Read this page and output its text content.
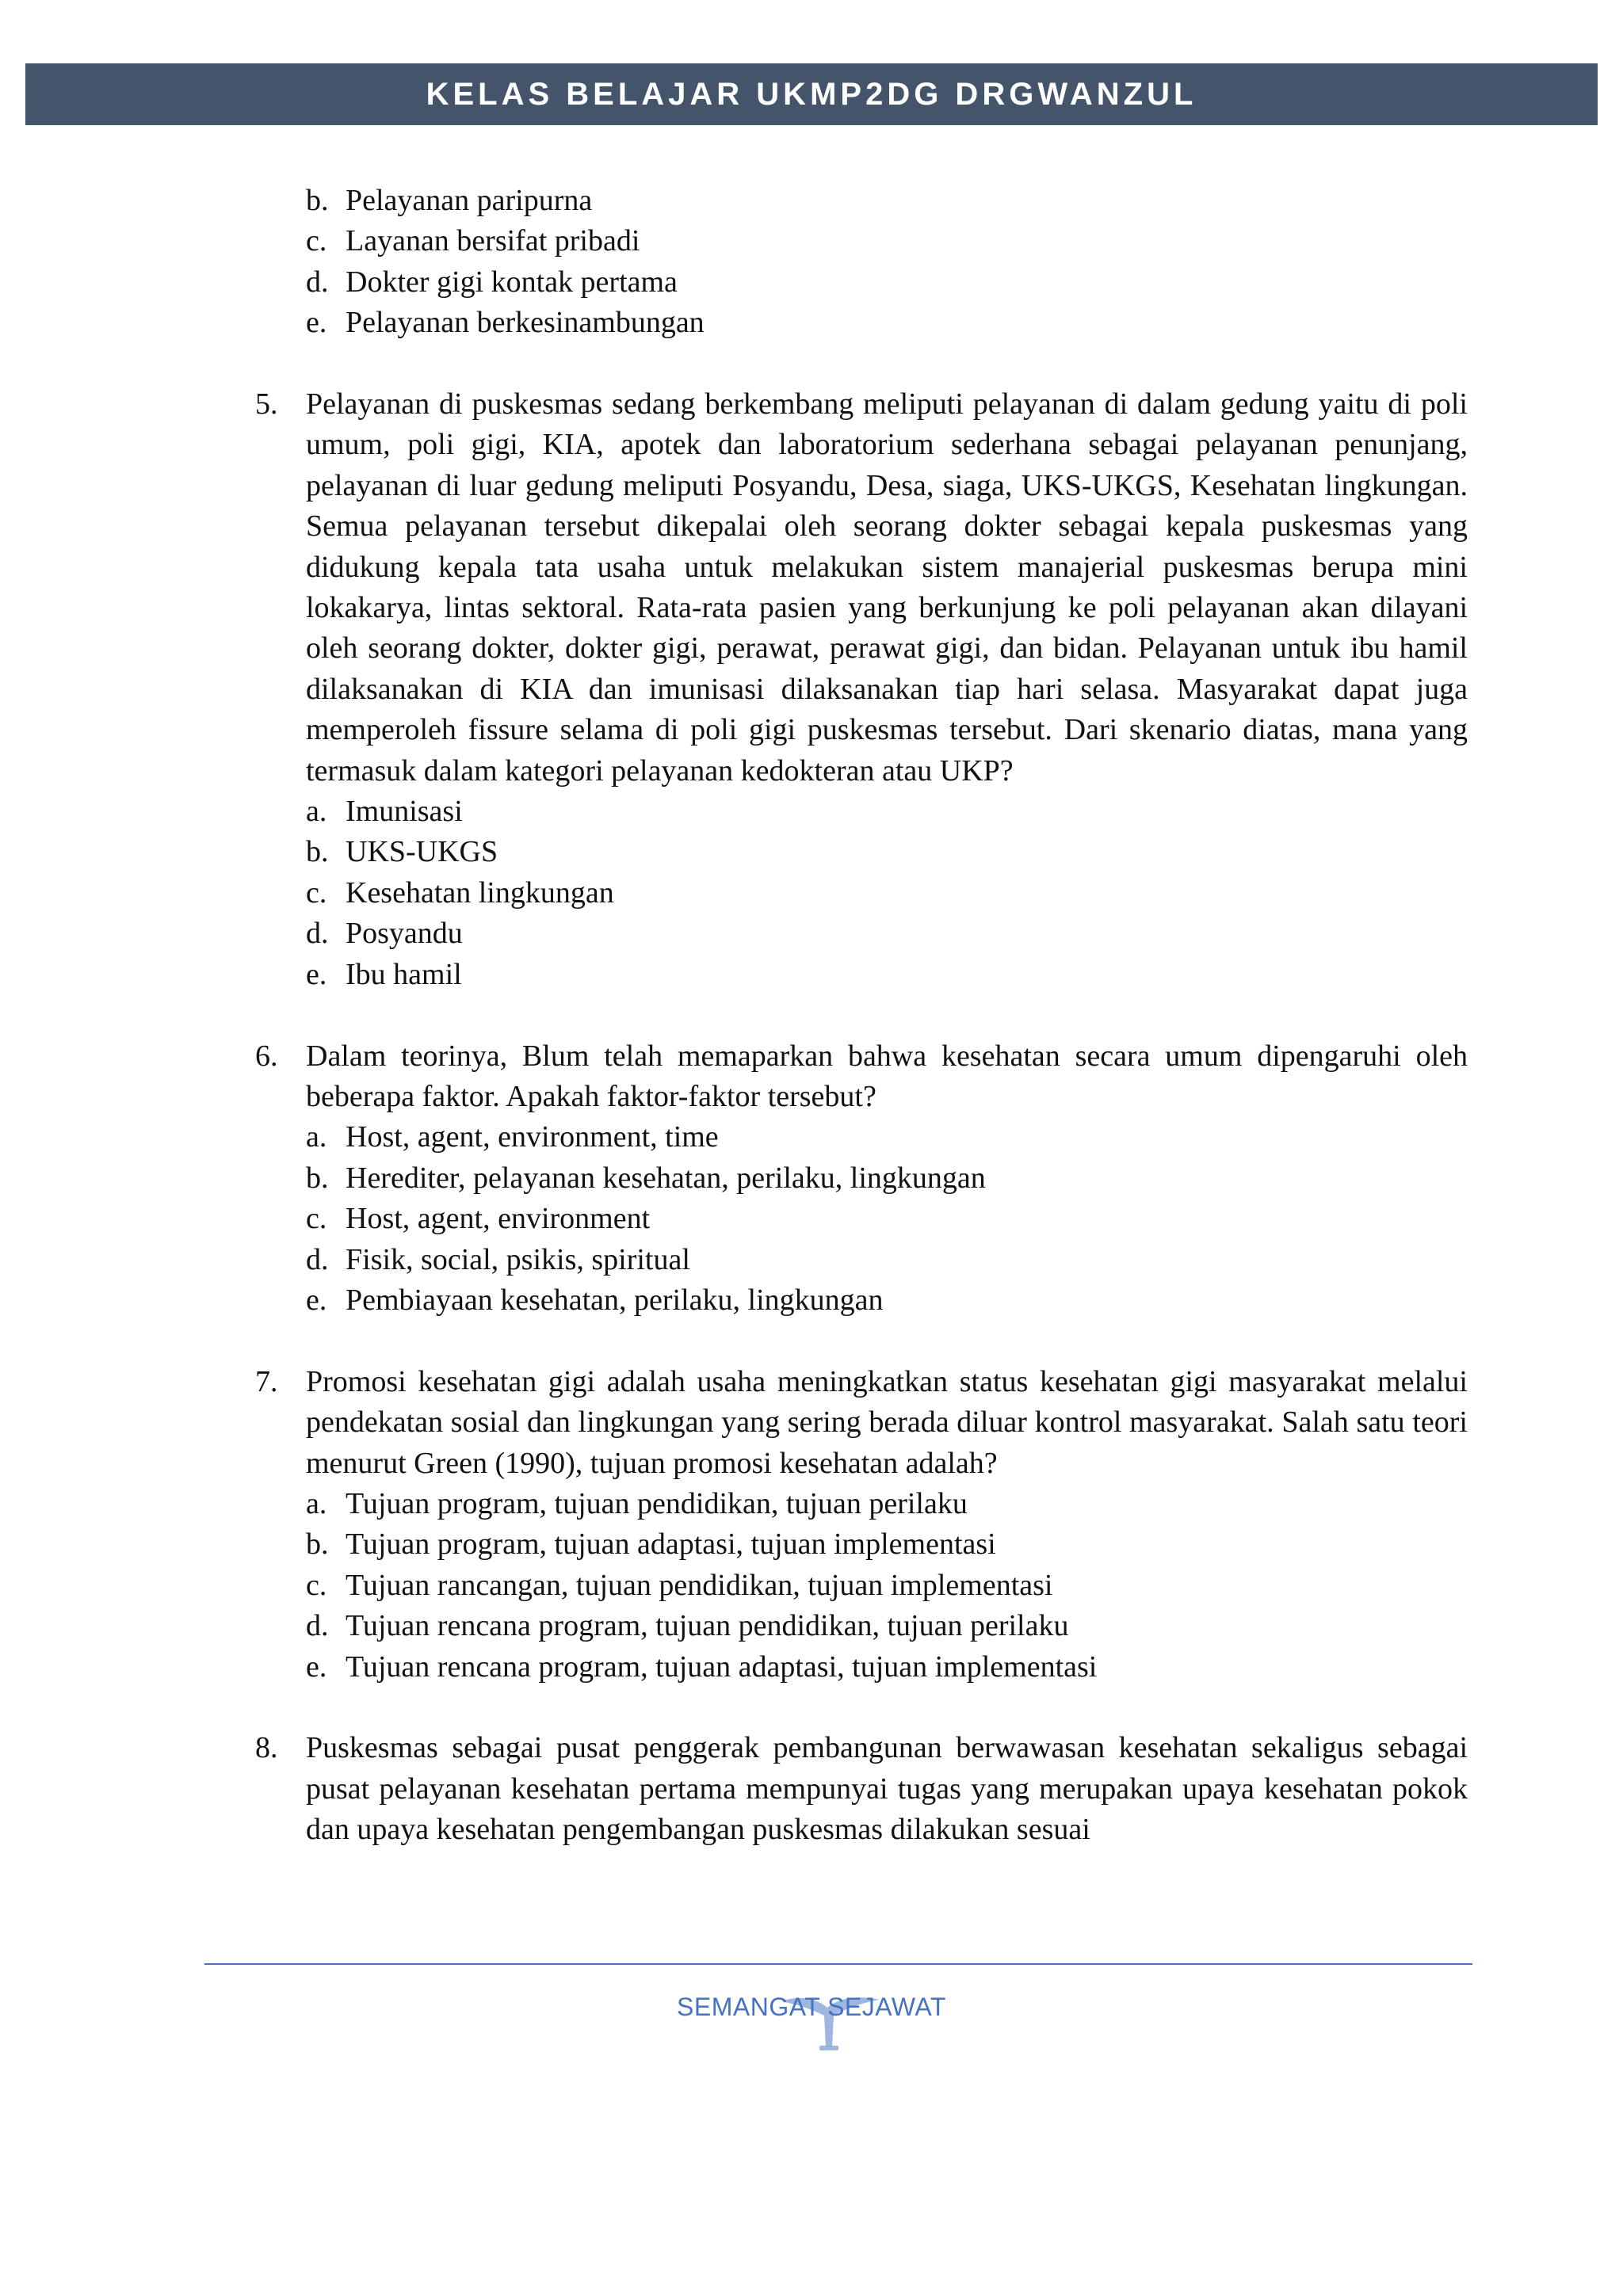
KELAS BELAJAR UKMP2DG DRGWANZUL
b. Pelayanan paripurna
c. Layanan bersifat pribadi
d. Dokter gigi kontak pertama
e. Pelayanan berkesinambungan
5. Pelayanan di puskesmas sedang berkembang meliputi pelayanan di dalam gedung yaitu di poli umum, poli gigi, KIA, apotek dan laboratorium sederhana sebagai pelayanan penunjang, pelayanan di luar gedung meliputi Posyandu, Desa, siaga, UKS-UKGS, Kesehatan lingkungan. Semua pelayanan tersebut dikepalai oleh seorang dokter sebagai kepala puskesmas yang didukung kepala tata usaha untuk melakukan sistem manajerial puskesmas berupa mini lokakarya, lintas sektoral. Rata-rata pasien yang berkunjung ke poli pelayanan akan dilayani oleh seorang dokter, dokter gigi, perawat, perawat gigi, dan bidan. Pelayanan untuk ibu hamil dilaksanakan di KIA dan imunisasi dilaksanakan tiap hari selasa. Masyarakat dapat juga memperoleh fissure selama di poli gigi puskesmas tersebut. Dari skenario diatas, mana yang termasuk dalam kategori pelayanan kedokteran atau UKP?
a. Imunisasi
b. UKS-UKGS
c. Kesehatan lingkungan
d. Posyandu
e. Ibu hamil
6. Dalam teorinya, Blum telah memaparkan bahwa kesehatan secara umum dipengaruhi oleh beberapa faktor. Apakah faktor-faktor tersebut?
a. Host, agent, environment, time
b. Herediter, pelayanan kesehatan, perilaku, lingkungan
c. Host, agent, environment
d. Fisik, social, psikis, spiritual
e. Pembiayaan kesehatan, perilaku, lingkungan
7. Promosi kesehatan gigi adalah usaha meningkatkan status kesehatan gigi masyarakat melalui pendekatan sosial dan lingkungan yang sering berada diluar kontrol masyarakat. Salah satu teori menurut Green (1990), tujuan promosi kesehatan adalah?
a. Tujuan program, tujuan pendidikan, tujuan perilaku
b. Tujuan program, tujuan adaptasi, tujuan implementasi
c. Tujuan rancangan, tujuan pendidikan, tujuan implementasi
d. Tujuan rencana program, tujuan pendidikan, tujuan perilaku
e. Tujuan rencana program, tujuan adaptasi, tujuan implementasi
8. Puskesmas sebagai pusat penggerak pembangunan berwawasan kesehatan sekaligus sebagai pusat pelayanan kesehatan pertama mempunyai tugas yang merupakan upaya kesehatan pokok dan upaya kesehatan pengembangan puskesmas dilakukan sesuai
SEMANGAT SEJAWAT
